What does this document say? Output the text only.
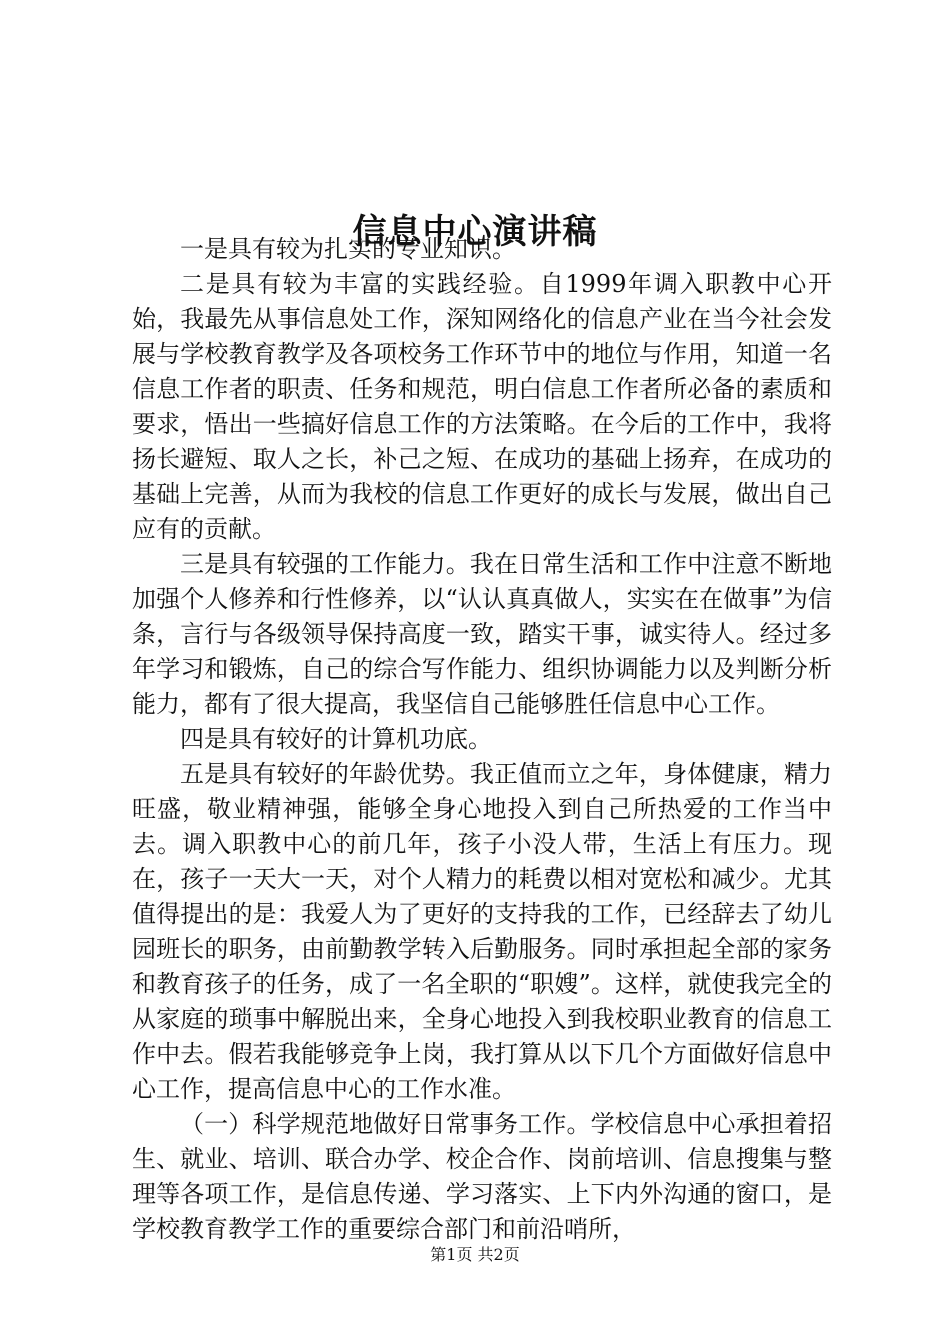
信息中心演讲稿

一是具有较为扎实的专业知识。

二是具有较为丰富的实践经验。自1999年调入职教中心开始，我最先从事信息处工作，深知网络化的信息产业在当今社会发展与学校教育教学及各项校务工作环节中的地位与作用，知道一名信息工作者的职责、任务和规范，明白信息工作者所必备的素质和要求，悟出一些搞好信息工作的方法策略。在今后的工作中，我将扬长避短、取人之长，补己之短、在成功的基础上扬弃，在成功的基础上完善，从而为我校的信息工作更好的成长与发展，做出自己应有的贡献。

三是具有较强的工作能力。我在日常生活和工作中注意不断地加强个人修养和行性修养，以“认认真真做人，实实在在做事”为信条，言行与各级领导保持高度一致，踏实干事，诚实待人。经过多年学习和锻炼，自己的综合写作能力、组织协调能力以及判断分析能力，都有了很大提高，我坚信自己能够胜任信息中心工作。

四是具有较好的计算机功底。

五是具有较好的年龄优势。我正值而立之年，身体健康，精力旺盛，敬业精神强，能够全身心地投入到自己所热爱的工作当中去。调入职教中心的前几年，孩子小没人带，生活上有压力。现在，孩子一天大一天，对个人精力的耗费以相对宽松和减少。尤其值得提出的是：我爱人为了更好的支持我的工作，已经辞去了幼儿园班长的职务，由前勤教学转入后勤服务。同时承担起全部的家务和教育孩子的任务，成了一名全职的“职嫂”。这样，就使我完全的从家庭的琐事中解脱出来，全身心地投入到我校职业教育的信息工作中去。假若我能够竞争上岗，我打算从以下几个方面做好信息中心工作，提高信息中心的工作水准。

（一）科学规范地做好日常事务工作。学校信息中心承担着招生、就业、培训、联合办学、校企合作、岗前培训、信息搜集与整理等各项工作，是信息传递、学习落实、上下内外沟通的窗口，是学校教育教学工作的重要综合部门和前沿哨所，

第1页 共2页
